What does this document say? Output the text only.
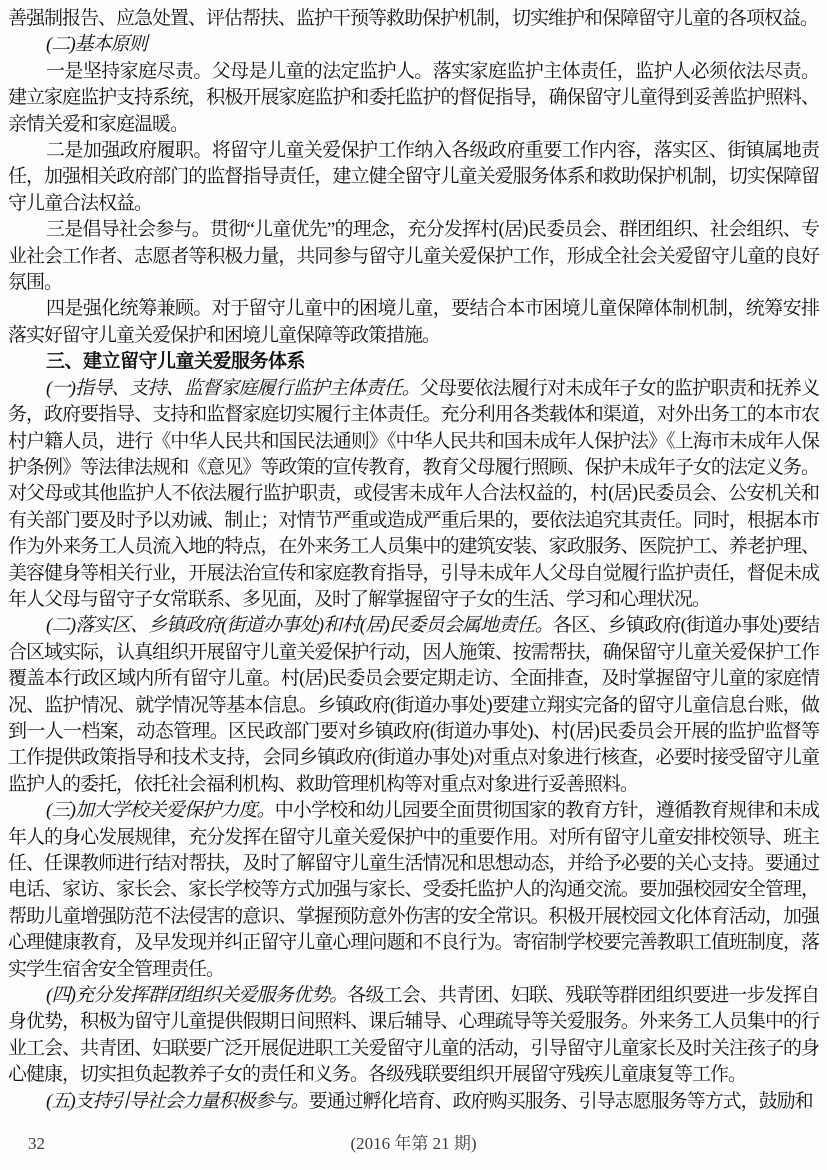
善强制报告、应急处置、评估帮扶、监护干预等救助保护机制，切实维护和保障留守儿童的各项权益。

(二)基本原则

一是坚持家庭尽责。父母是儿童的法定监护人。落实家庭监护主体责任，监护人必须依法尽责。建立家庭监护支持系统，积极开展家庭监护和委托监护的督促指导，确保留守儿童得到妥善监护照料、亲情关爱和家庭温暖。

二是加强政府履职。将留守儿童关爱保护工作纳入各级政府重要工作内容，落实区、街镇属地责任，加强相关政府部门的监督指导责任，建立健全留守儿童关爱服务体系和救助保护机制，切实保障留守儿童合法权益。

三是倡导社会参与。贯彻“儿童优先”的理念，充分发挥村(居)民委员会、群团组织、社会组织、专业社会工作者、志愿者等积极力量，共同参与留守儿童关爱保护工作，形成全社会关爱留守儿童的良好氛围。

四是强化统筹兼顾。对于留守儿童中的困境儿童，要结合本市困境儿童保障体制机制，统筹安排落实好留守儿童关爱保护和困境儿童保障等政策措施。

三、建立留守儿童关爱服务体系

(一)指导、支持、监督家庭履行监护主体责任。父母要依法履行对未成年子女的监护职责和抚养义务，政府要指导、支持和监督家庭切实履行主体责任。充分利用各类载体和渠道，对外出务工的本市农村户籍人员，进行《中华人民共和国民法通则》《中华人民共和国未成年人保护法》《上海市未成年人保护条例》等法律法规和《意见》等政策的宣传教育，教育父母履行照顾、保护未成年子女的法定义务。对父母或其他监护人不依法履行监护职责，或侵害未成年人合法权益的，村(居)民委员会、公安机关和有关部门要及时予以劝诫、制止；对情节严重或造成严重后果的，要依法追究其责任。同时，根据本市作为外来务工人员流入地的特点，在外来务工人员集中的建筑安装、家政服务、医院护工、养老护理、美容健身等相关行业，开展法治宣传和家庭教育指导，引导未成年人父母自觉履行监护责任，督促未成年人父母与留守子女常联系、多见面，及时了解掌握留守子女的生活、学习和心理状况。

(二)落实区、乡镇政府(街道办事处)和村(居)民委员会属地责任。各区、乡镇政府(街道办事处)要结合区域实际，认真组织开展留守儿童关爱保护行动，因人施策、按需帮扶，确保留守儿童关爱保护工作覆盖本行政区域内所有留守儿童。村(居)民委员会要定期走访、全面排查，及时掌握留守儿童的家庭情况、监护情况、就学情况等基本信息。乡镇政府(街道办事处)要建立翔实完备的留守儿童信息台账，做到一人一档案，动态管理。区民政部门要对乡镇政府(街道办事处)、村(居)民委员会开展的监护监督等工作提供政策指导和技术支持，会同乡镇政府(街道办事处)对重点对象进行核查，必要时接受留守儿童监护人的委托，依托社会福利机构、救助管理机构等对重点对象进行妥善照料。

(三)加大学校关爱保护力度。中小学校和幼儿园要全面贯彻国家的教育方针，遵循教育规律和未成年人的身心发展规律，充分发挥在留守儿童关爱保护中的重要作用。对所有留守儿童安排校领导、班主任、任课教师进行结对帮扶，及时了解留守儿童生活情况和思想动态，并给予必要的关心支持。要通过电话、家访、家长会、家长学校等方式加强与家长、受委托监护人的沟通交流。要加强校园安全管理，帮助儿童增强防范不法侵害的意识、掌握预防意外伤害的安全常识。积极开展校园文化体育活动，加强心理健康教育，及早发现并纠正留守儿童心理问题和不良行为。寄宿制学校要完善教职工值班制度，落实学生宿舍安全管理责任。

(四)充分发挥群团组织关爱服务优势。各级工会、共青团、妇联、残联等群团组织要进一步发挥自身优势，积极为留守儿童提供假期日间照料、课后辅导、心理疏导等关爱服务。外来务工人员集中的行业工会、共青团、妇联要广泛开展促进职工关爱留守儿童的活动，引导留守儿童家长及时关注孩子的身心健康，切实担负起教养子女的责任和义务。各级残联要组织开展留守残疾儿童康复等工作。

(五)支持引导社会力量积极参与。要通过孵化培育、政府购买服务、引导志愿服务等方式，鼓励和

32	(2016 年第 21 期)
